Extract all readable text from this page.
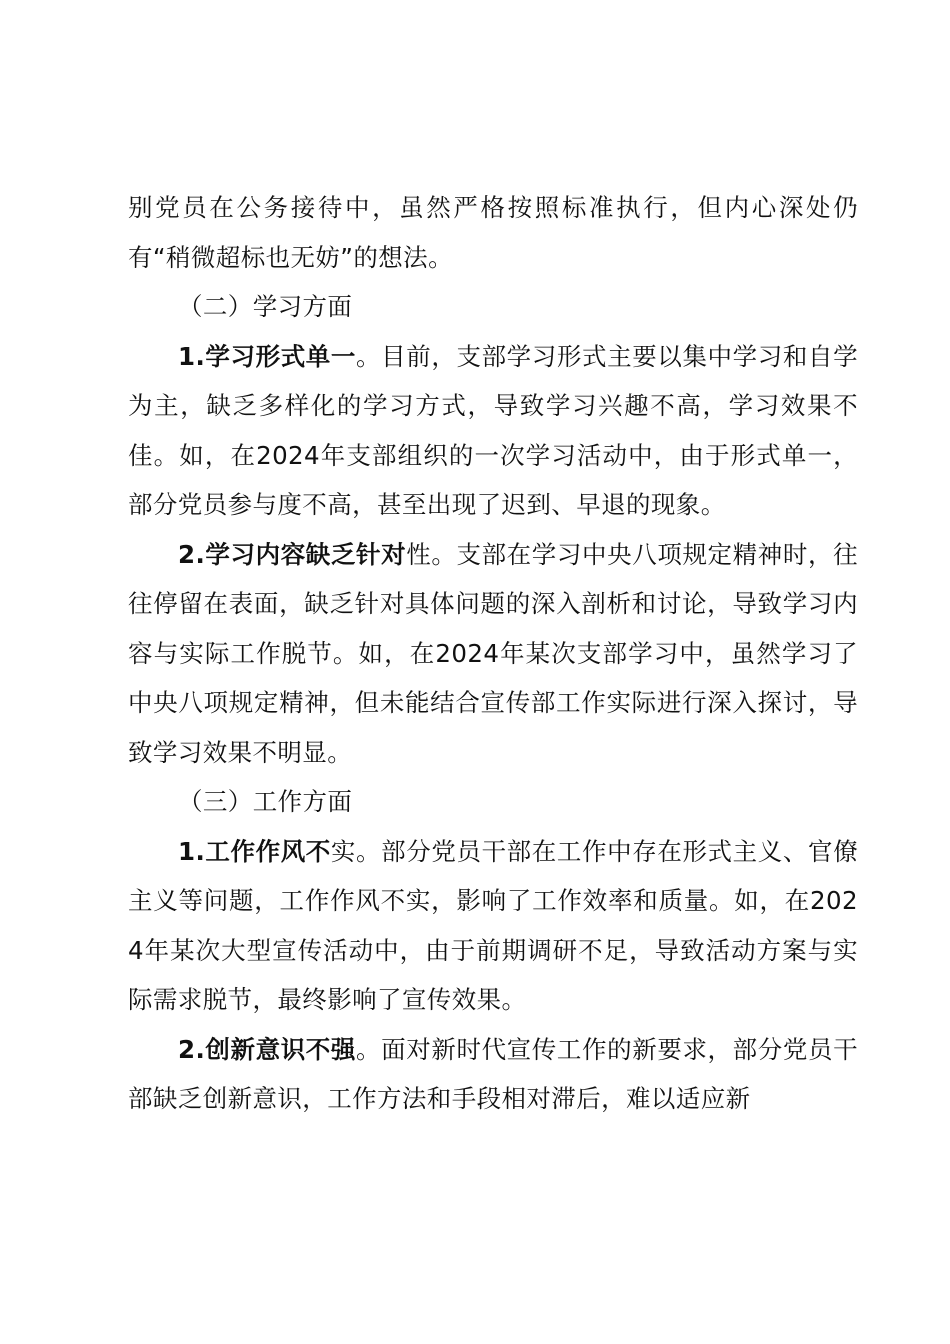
别党员在公务接待中，虽然严格按照标准执行，但内心深处仍有“稍微超标也无妨”的想法。

（二）学习方面

1.学习形式单一。目前，支部学习形式主要以集中学习和自学为主，缺乏多样化的学习方式，导致学习兴趣不高，学习效果不佳。如，在2024年支部组织的一次学习活动中，由于形式单一，部分党员参与度不高，甚至出现了迟到、早退的现象。

2.学习内容缺乏针对性。支部在学习中央八项规定精神时，往往停留在表面，缺乏针对具体问题的深入剖析和讨论，导致学习内容与实际工作脱节。如，在2024年某次支部学习中，虽然学习了中央八项规定精神，但未能结合宣传部工作实际进行深入探讨，导致学习效果不明显。

（三）工作方面

1.工作作风不实。部分党员干部在工作中存在形式主义、官僚主义等问题，工作作风不实，影响了工作效率和质量。如，在2024年某次大型宣传活动中，由于前期调研不足，导致活动方案与实际需求脱节，最终影响了宣传效果。

2.创新意识不强。面对新时代宣传工作的新要求，部分党员干部缺乏创新意识，工作方法和手段相对滞后，难以适应新
